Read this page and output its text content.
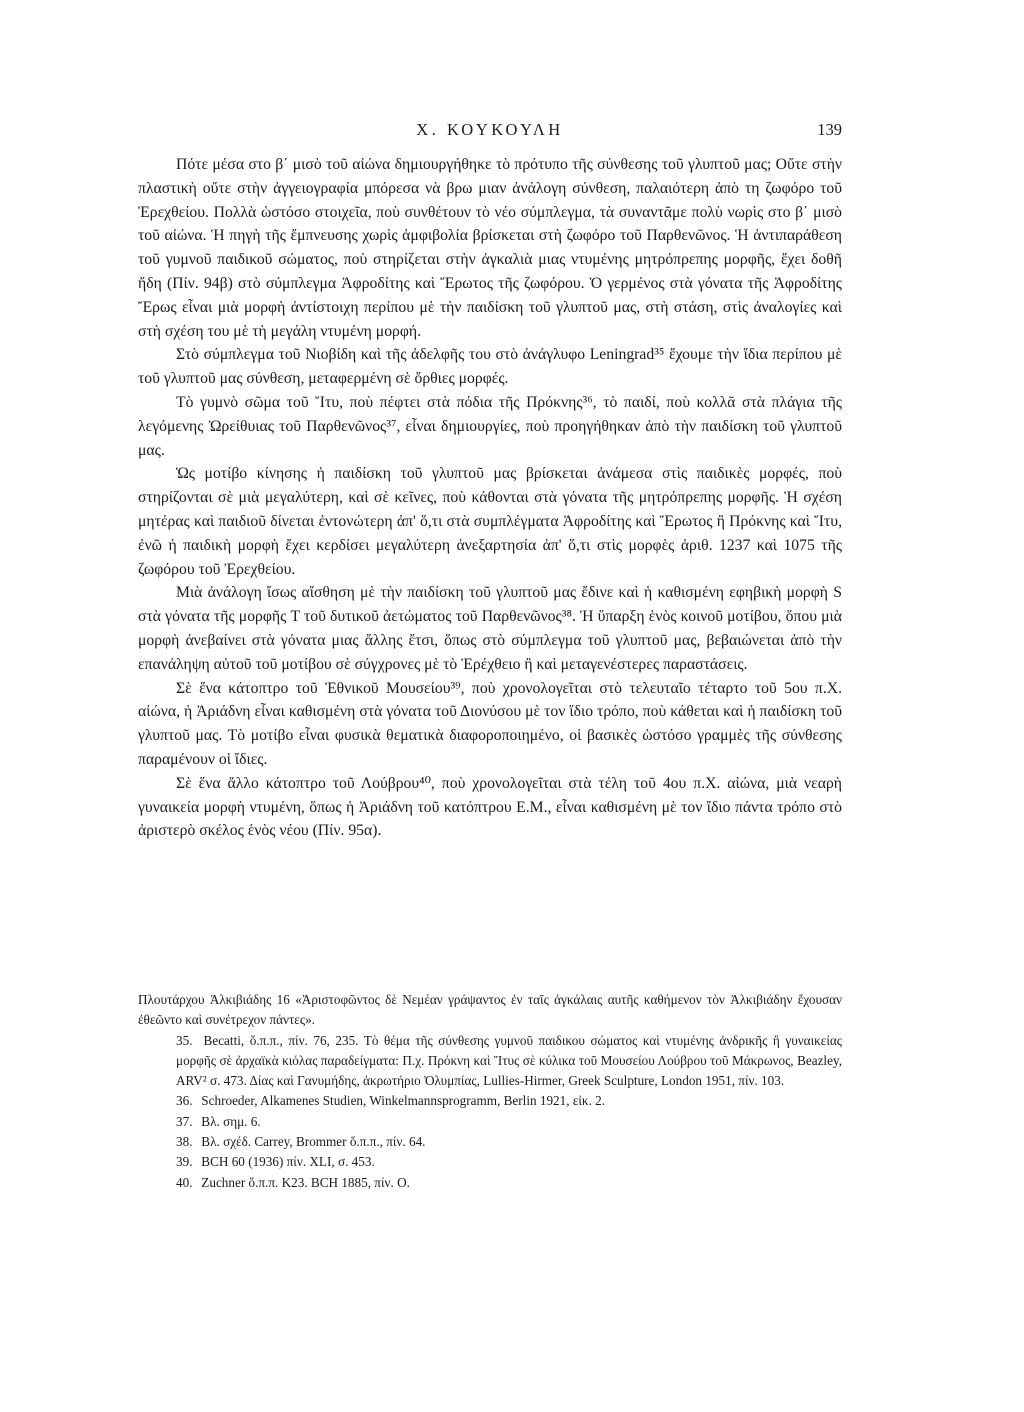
Χ. ΚΟΥΚΟΥΛΗ	139

Πότε μέσα στο β΄ μισὸ τοῦ αἰώνα δημιουργήθηκε τὸ πρότυπο τῆς σύνθεσης τοῦ γλυπτοῦ μας; Οὔτε στὴν πλαστικὴ οὔτε στὴν ἀγγειογραφία μπόρεσα νὰ βρω μιαν ἀνάλογη σύνθεση, παλαιότερη ἀπὸ τη ζωφόρο τοῦ Ἐρεχθείου. Πολλὰ ὡστόσο στοιχεῖα, ποὺ συνθέτουν τὸ νέο σύμπλεγμα, τὰ συναντᾶμε πολὺ νωρὶς στο β΄ μισὸ τοῦ αἰώνα. Ἡ πηγὴ τῆς ἔμπνευσης χωρὶς ἀμφιβολία βρίσκεται στὴ ζωφόρο τοῦ Παρθενῶνος. Ἡ ἀντιπαράθεση τοῦ γυμνοῦ παιδικοῦ σώματος, ποὺ στηρίζεται στὴν ἀγκαλιὰ μιας ντυμένης μητρόπρεπης μορφῆς, ἔχει δοθῆ ἤδη (Πίν. 94β) στὸ σύμπλεγμα Ἀφροδίτης καὶ Ἔρωτος τῆς ζωφόρου. Ὁ γερμένος στὰ γόνατα τῆς Ἀφροδίτης Ἔρως εἶναι μιὰ μορφὴ ἀντίστοιχη περίπου μὲ τὴν παιδίσκη τοῦ γλυπτοῦ μας, στὴ στάση, στὶς ἀναλογίες καὶ στὴ σχέση του μὲ τὴ μεγάλη ντυμένη μορφή.

Στὸ σύμπλεγμα τοῦ Νιοβίδη καὶ τῆς ἀδελφῆς του στὸ ἀνάγλυφο Leningrad³⁵ ἔχουμε τὴν ἴδια περίπου μὲ τοῦ γλυπτοῦ μας σύνθεση, μεταφερμένη σὲ ὄρθιες μορφές.

Τὸ γυμνὸ σῶμα τοῦ Ἴτυ, ποὺ πέφτει στὰ πόδια τῆς Πρόκνης³⁶, τὸ παιδί, ποὺ κολλᾶ στὰ πλάγια τῆς λεγόμενης Ὠρείθυιας τοῦ Παρθενῶνος³⁷, εἶναι δημιουργίες, ποὺ προηγήθηκαν ἀπὸ τὴν παιδίσκη τοῦ γλυπτοῦ μας.

Ὡς μοτίβο κίνησης ἡ παιδίσκη τοῦ γλυπτοῦ μας βρίσκεται ἀνάμεσα στὶς παιδικὲς μορφές, ποὺ στηρίζονται σὲ μιὰ μεγαλύτερη, καὶ σὲ κεῖνες, ποὺ κάθονται στὰ γόνατα τῆς μητρόπρεπης μορφῆς. Ἡ σχέση μητέρας καὶ παιδιοῦ δίνεται ἐντονώτερη ἀπ' ὅ,τι στὰ συμπλέγματα Ἀφροδίτης καὶ Ἔρωτος ἢ Πρόκνης καὶ Ἴτυ, ἐνῶ ἡ παιδικὴ μορφὴ ἔχει κερδίσει μεγαλύτερη ἀνεξαρτησία ἀπ' ὅ,τι στὶς μορφὲς ἀριθ. 1237 καὶ 1075 τῆς ζωφόρου τοῦ Ἐρεχθείου.

Μιὰ ἀνάλογη ἴσως αἴσθηση μὲ τὴν παιδίσκη τοῦ γλυπτοῦ μας ἔδινε καὶ ἡ καθισμένη εφηβικὴ μορφὴ S στὰ γόνατα τῆς μορφῆς T τοῦ δυτικοῦ ἀετώματος τοῦ Παρθενῶνος³⁸. Ἡ ὕπαρξη ἑνὸς κοινοῦ μοτίβου, ὅπου μιὰ μορφὴ ἀνεβαίνει στὰ γόνατα μιας ἄλλης ἔτσι, ὅπως στὸ σύμπλεγμα τοῦ γλυπτοῦ μας, βεβαιώνεται ἀπὸ τὴν επανάληψη αὐτοῦ τοῦ μοτίβου σὲ σύγχρονες μὲ τὸ Ἐρέχθειο ἢ καὶ μεταγενέστερες παραστάσεις.

Σὲ ἕνα κάτοπτρο τοῦ Ἐθνικοῦ Μουσείου³⁹, ποὺ χρονολογεῖται στὸ τελευταῖο τέταρτο τοῦ 5ου π.Χ. αἰώνα, ἡ Ἀριάδνη εἶναι καθισμένη στὰ γόνατα τοῦ Διονύσου μὲ τον ἴδιο τρόπο, ποὺ κάθεται καὶ ἡ παιδίσκη τοῦ γλυπτοῦ μας. Τὸ μοτίβο εἶναι φυσικὰ θεματικὰ διαφοροποιημένο, οἱ βασικὲς ὡστόσο γραμμὲς τῆς σύνθεσης παραμένουν οἱ ἴδιες.

Σὲ ἕνα ἄλλο κάτοπτρο τοῦ Λούβρου⁴⁰, ποὺ χρονολογεῖται στὰ τέλη τοῦ 4ου π.Χ. αἰώνα, μιὰ νεαρὴ γυναικεία μορφὴ ντυμένη, ὅπως ἡ Ἀριάδνη τοῦ κατόπτρου Ε.Μ., εἶναι καθισμένη μὲ τον ἴδιο πάντα τρόπο στὸ ἀριστερὸ σκέλος ἑνὸς νέου (Πίν. 95α).

Πλουτάρχου Ἀλκιβιάδης 16 «Ἀριστοφῶντος δὲ Νεμέαν γράψαντος ἐν ταῖς ἀγκάλαις αυτῆς καθήμενον τὸν Ἀλκιβιάδην ἔχουσαν ἐθεῶντο καὶ συνέτρεχον πάντες».

35. Becatti, ὅ.π.π., πίν. 76, 235. Τὸ θέμα τῆς σύνθεσης γυμνοῦ παιδικου σώματος καὶ ντυμένης ἀνδρικῆς ἢ γυναικείας μορφῆς σὲ ἀρχαϊκὰ κιόλας παραδείγματα: Π.χ. Πρόκνη καὶ Ἴτυς σὲ κύλικα τοῦ Μουσείου Λούβρου τοῦ Μάκρωνος, Beazley, ARV² σ. 473. Δίας καὶ Γανυμήδης, ἀκρωτήριο Ὀλυμπίας, Lullies-Hirmer, Greek Sculpture, London 1951, πίν. 103.

36. Schroeder, Alkamenes Studien, Winkelmannsprogramm, Berlin 1921, εἰκ. 2.

37. Βλ. σημ. 6.

38. Βλ. σχέδ. Carrey, Brommer ὅ.π.π., πίν. 64.

39. BCH 60 (1936) πίν. XLI, σ. 453.

40. Zuchner ὅ.π.π. Κ23. BCH 1885, πίν. Ο.
